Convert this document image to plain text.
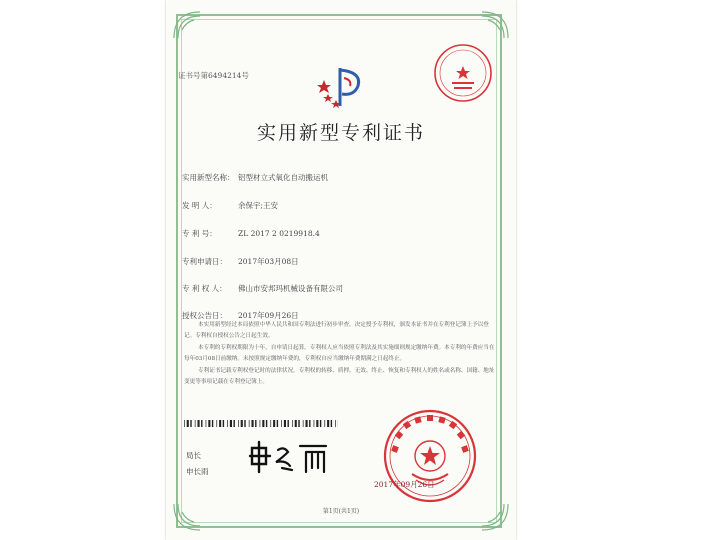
证书号第6494214号
实用新型专利证书
实用新型名称： 铝型材立式氧化自动搬运机
发 明 人：	余保宇;王安
专 利 号：	ZL 2017 2 0219918.4
专利申请日： 2017年03月08日
专 利 权 人： 佛山市安邦玛机械设备有限公司
授权公告日： 2017年09月26日

本实用新型经过本局依照中华人民共和国专利法进行初步审查，决定授予专利权，颁发本证书并在专利登记簿上予以登记。专利权自授权公告之日起生效。

本专利的专利权期限为十年，自申请日起算。专利权人应当依照专利法及其实施细则规定缴纳年费。本专利的年费应当在每年03月08日前缴纳。未按照规定缴纳年费的，专利权自应当缴纳年费期满之日起终止。

专利证书记载专利权登记时的法律状况。专利权的转移、质押、无效、终止、恢复和专利权人的姓名或名称、国籍、地址变更等事项记载在专利登记簿上。

局长
申长雨
2017年09月26日
第1页(共1页)
